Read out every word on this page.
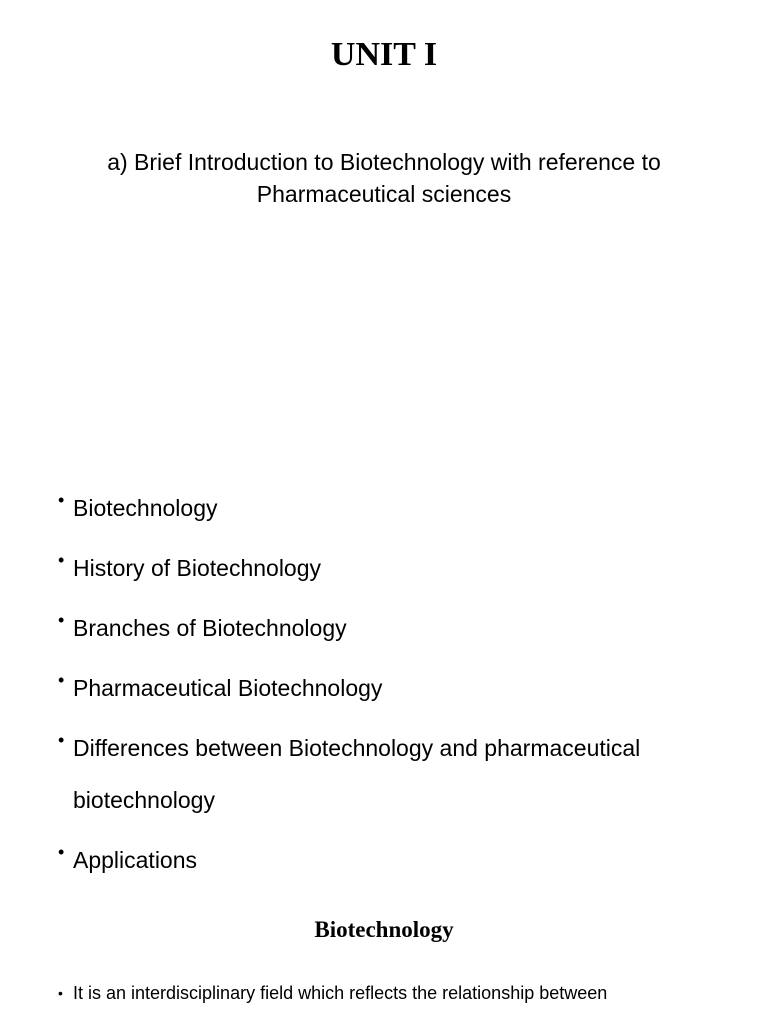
UNIT I

a) Brief Introduction to Biotechnology with reference to Pharmaceutical sciences

• Biotechnology
• History of Biotechnology
• Branches of Biotechnology
• Pharmaceutical Biotechnology
• Differences between Biotechnology and pharmaceutical biotechnology
• Applications
Biotechnology
• It is an interdisciplinary field which reflects the relationship between
